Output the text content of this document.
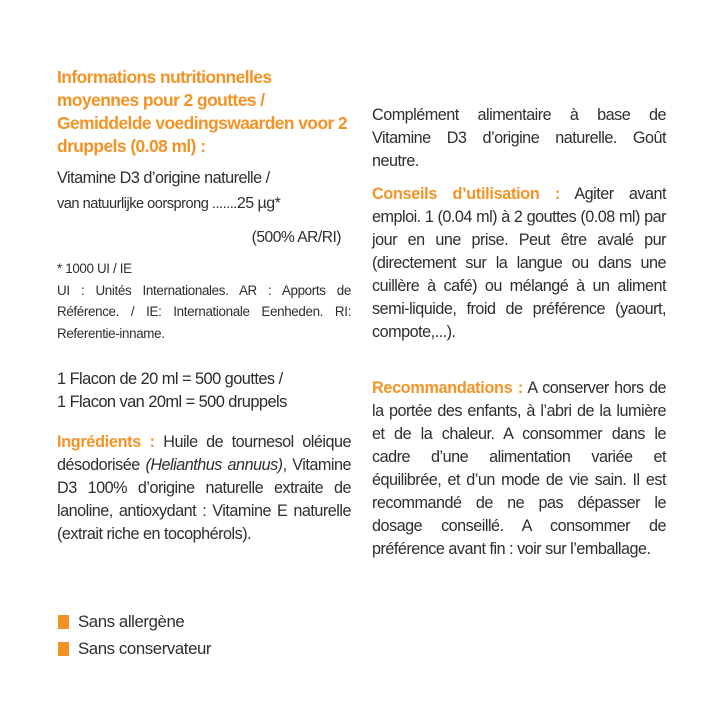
Informations nutritionnelles moyennes pour 2 gouttes / Gemiddelde voedingswaarden voor 2 druppels (0.08 ml) :
Vitamine D3 d’origine naturelle /
van natuurlijke oorsprong .......25 µg*
(500% AR/RI)
* 1000 UI / IE
UI : Unités Internationales. AR : Apports de Référence. / IE: Internationale Eenheden. RI: Referentie-inname.
1 Flacon de 20 ml = 500 gouttes /
1 Flacon van 20ml = 500 druppels
Ingrédients : Huile de tournesol oléique désodorisée (Helianthus annuus), Vitamine D3 100% d’origine naturelle extraite de lanoline, antioxydant : Vitamine E naturelle (extrait riche en tocophérols).
Sans allergène
Sans conservateur
Complément alimentaire à base de Vitamine D3 d’origine naturelle. Goût neutre.
Conseils d’utilisation : Agiter avant emploi. 1 (0.04 ml) à 2 gouttes (0.08 ml) par jour en une prise. Peut être avalé pur (directement sur la langue ou dans une cuillère à café) ou mélangé à un aliment semi-liquide, froid de préférence (yaourt, compote,...).
Recommandations : A conserver hors de la portée des enfants, à l’abri de la lumière et de la chaleur. A consommer dans le cadre d’une alimentation variée et équilibrée, et d’un mode de vie sain. Il est recommandé de ne pas dépasser le dosage conseillé. A consommer de préférence avant fin : voir sur l’emballage.
